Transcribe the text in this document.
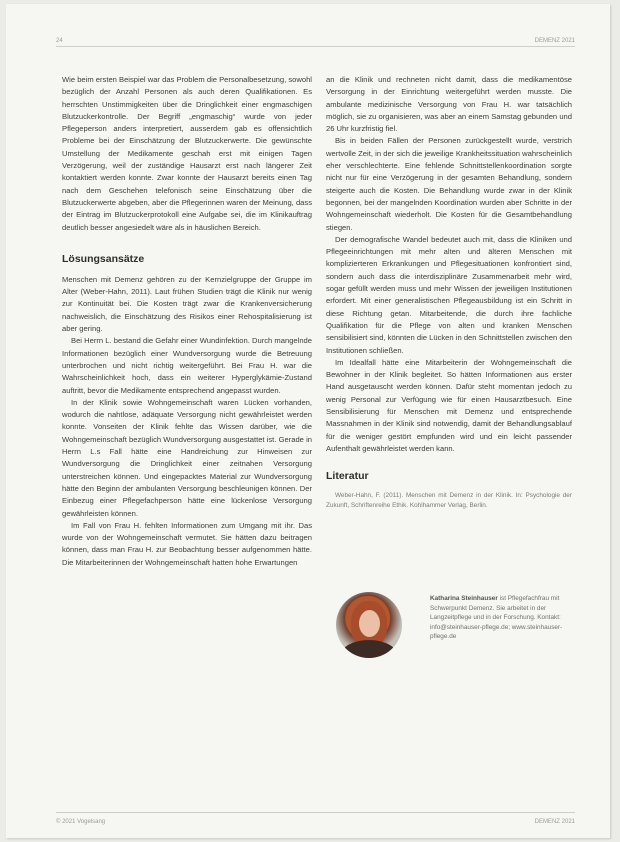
24	DEMENZ 2021

Wie beim ersten Beispiel war das Problem die Personalbesetzung, sowohl bezüglich der Anzahl Personen als auch deren Qualifikationen. Es herrschten Unstimmigkeiten über die Dringlichkeit einer engmaschigen Blutzuckerkontrolle. Der Begriff „engmaschig“ wurde von jeder Pflegeperson anders interpretiert, ausserdem gab es offensichtlich Probleme bei der Einschätzung der Blutzuckerwerte. Die gewünschte Umstellung der Medikamente geschah erst mit einigen Tagen Verzögerung, weil der zuständige Hausarzt erst nach längerer Zeit kontaktiert werden konnte. Zwar konnte der Hausarzt bereits einen Tag nach dem Geschehen telefonisch seine Einschätzung über die Blutzuckerwerte abgeben, aber die Pflegerinnen waren der Meinung, dass der Eintrag im Blutzuckerprotokoll eine Aufgabe sei, die im Klinikauftrag deutlich besser angesiedelt wäre als in häuslichen Bereich.

Lösungsansätze

Menschen mit Demenz gehören zu der Kernzielgruppe der Gruppe im Alter (Weber-Hahn, 2011). Laut frühen Studien trägt die Klinik nur wenig zur Kontinuität bei. Die Kosten trägt zwar die Krankenversicherung nachweislich, die Einschätzung des Risikos einer Rehospitalisierung ist aber gering.

Bei Herrn L. bestand die Gefahr einer Wundinfektion. Durch mangelnde Informationen bezüglich einer Wundversorgung wurde die Betreuung unterbrochen und nicht richtig weitergeführt. Bei Frau H. war die Wahrscheinlichkeit hoch, dass ein weiterer Hyperglykämie-Zustand auftritt, bevor die Medikamente entsprechend angepasst wurden.

In der Klinik sowie Wohngemeinschaft waren Lücken vorhanden, wodurch die nahtlose, adäquate Versorgung nicht gewährleistet werden konnte. Vonseiten der Klinik fehlte das Wissen darüber, wie die Wohngemeinschaft bezüglich Wundversorgung ausgestattet ist. Gerade in Herrn L.s Fall hätte eine Handreichung zur Hinweisen zur Wundversorgung die Dringlichkeit einer zeitnahen Versorgung unterstreichen können. Und eingepacktes Material zur Wundversorgung hätte den Beginn der ambulanten Versorgung beschleunigen können. Der Einbezug einer Pflegefachperson hätte eine lückenlose Versorgung gewährleisten können.

Im Fall von Frau H. fehlten Informationen zum Umgang mit ihr. Das wurde von der Wohngemeinschaft vermutet. Sie hätten dazu beitragen können, dass man Frau H. zur Beobachtung besser aufgenommen hätte. Die Mitarbeiterinnen der Wohngemeinschaft hatten hohe Erwartungen

an die Klinik und rechneten nicht damit, dass die medikamentöse Versorgung in der Einrichtung weitergeführt werden musste. Die ambulante medizinische Versorgung von Frau H. war tatsächlich möglich, sie zu organisieren, was aber an einem Samstag gebunden und 26 Uhr kurzfristig fiel.

Bis in beiden Fällen der Personen zurückgestellt wurde, verstrich wertvolle Zeit, in der sich die jeweilige Krankheitssituation wahrscheinlich eher verschlechterte. Eine fehlende Schnittstellenkoordination sorgte nicht nur für eine Verzögerung in der gesamten Behandlung, sondern steigerte auch die Kosten. Die Behandlung wurde zwar in der Klinik begonnen, bei der mangelnden Koordination wurden aber Schritte in der Wohngemeinschaft wiederholt. Die Kosten für die Gesamtbehandlung stiegen.

Der demografische Wandel bedeutet auch mit, dass die Kliniken und Pflegeeinrichtungen mit mehr alten und älteren Menschen mit komplizierteren Erkrankungen und Pflegesituationen konfrontiert sind, sondern auch dass die interdisziplinäre Zusammenarbeit mehr wird, sogar gefüllt werden muss und mehr Wissen der jeweiligen Institutionen erfordert. Mit einer generalistischen Pflegeausbildung ist ein Schritt in diese Richtung getan. Mitarbeitende, die durch ihre fachliche Qualifikation für die Pflege von alten und kranken Menschen sensibilisiert sind, könnten die Lücken in den Schnittstellen zwischen den Institutionen schließen.

Im Idealfall hätte eine Mitarbeiterin der Wohngemeinschaft die Bewohner in der Klinik begleitet. So hätten Informationen aus erster Hand ausgetauscht werden können. Dafür steht momentan jedoch zu wenig Personal zur Verfügung wie für einen Hausarztbesuch. Eine Sensibilisierung für Menschen mit Demenz und entsprechende Massnahmen in der Klinik sind notwendig, damit der Behandlungsablauf für die weniger gestört empfunden wird und ein leicht passender Aufenthalt gewährleistet werden kann.

Literatur

Weber-Hahn, F. (2011). Menschen mit Demenz in der Klinik. In: Psychologie der Zukunft, Schriftenreihe Ethik. Kohlhammer Verlag, Berlin.

Katharina Steinhauser ist Pflegefachfrau mit Schwerpunkt Demenz. Sie arbeitet in der Langzeitpflege und in der Forschung. Kontakt: info@steinhauser-pflege.de; www.steinhauser-pflege.de
© 2021 Vogelsang	DEMENZ 2021
